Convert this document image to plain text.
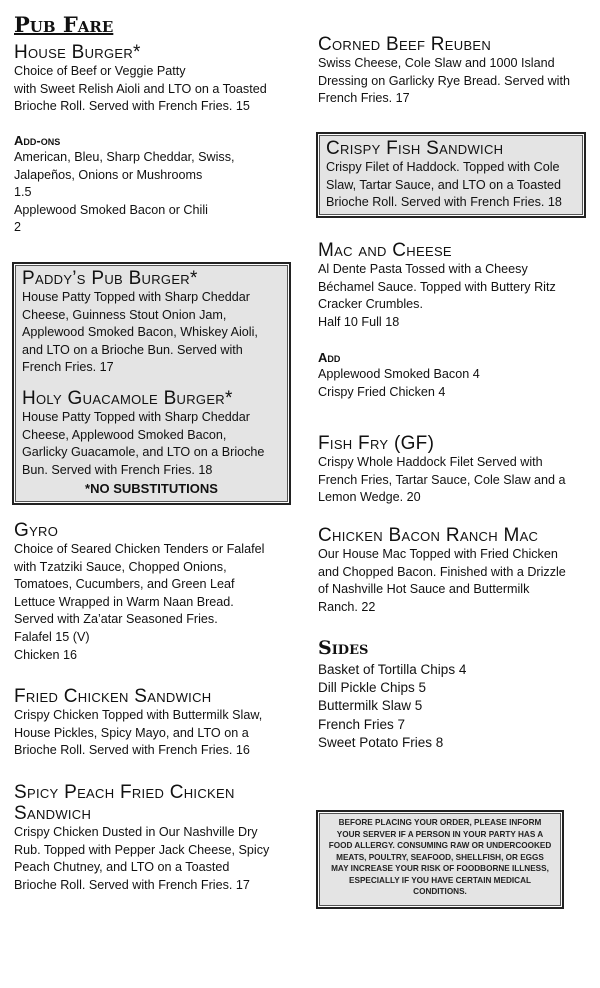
Pub Fare
House Burger*
Choice of Beef or Veggie Patty
with Sweet Relish Aioli and LTO on a Toasted
Brioche Roll. Served with French Fries. 15
Add-ons
American, Bleu, Sharp Cheddar, Swiss,
Jalapeños, Onions or Mushrooms
1.5
Applewood Smoked Bacon or Chili
2
Paddy’s Pub Burger*
House Patty Topped with Sharp Cheddar
Cheese, Guinness Stout Onion Jam,
Applewood Smoked Bacon, Whiskey Aioli,
and LTO on a Brioche Bun. Served with
French Fries. 17
Holy Guacamole Burger*
House Patty Topped with Sharp Cheddar
Cheese, Applewood Smoked Bacon,
Garlicky Guacamole, and LTO on a Brioche
Bun. Served with French Fries. 18
*NO SUBSTITUTIONS
Gyro
Choice of Seared Chicken Tenders or Falafel
with Tzatziki Sauce, Chopped Onions,
Tomatoes, Cucumbers, and Green Leaf
Lettuce Wrapped in Warm Naan Bread.
Served with Za’atar Seasoned Fries.
Falafel 15 (V)
Chicken 16
Fried Chicken Sandwich
Crispy Chicken Topped with Buttermilk Slaw,
House Pickles, Spicy Mayo, and LTO on a
Brioche Roll. Served with French Fries. 16
Spicy Peach Fried Chicken
Sandwich
Crispy Chicken Dusted in Our Nashville Dry
Rub. Topped with Pepper Jack Cheese, Spicy
Peach Chutney, and LTO on a Toasted
Brioche Roll. Served with French Fries. 17
Corned Beef Reuben
Swiss Cheese, Cole Slaw and 1000 Island
Dressing on Garlicky Rye Bread. Served with
French Fries. 17
Crispy Fish Sandwich
Crispy Filet of Haddock. Topped with Cole
Slaw, Tartar Sauce, and LTO on a Toasted
Brioche Roll. Served with French Fries. 18
Mac and Cheese
Al Dente Pasta Tossed with a Cheesy
Béchamel Sauce. Topped with Buttery Ritz
Cracker Crumbles.
Half 10 Full 18
Add
Applewood Smoked Bacon 4
Crispy Fried Chicken 4
Fish Fry (GF)
Crispy Whole Haddock Filet Served with
French Fries, Tartar Sauce, Cole Slaw and a
Lemon Wedge. 20
Chicken Bacon Ranch Mac
Our House Mac Topped with Fried Chicken
and Chopped Bacon. Finished with a Drizzle
of Nashville Hot Sauce and Buttermilk
Ranch. 22
Sides
Basket of Tortilla Chips 4
Dill Pickle Chips 5
Buttermilk Slaw 5
French Fries 7
Sweet Potato Fries 8
BEFORE PLACING YOUR ORDER, PLEASE INFORM YOUR SERVER IF A PERSON IN YOUR PARTY HAS A FOOD ALLERGY. CONSUMING RAW OR UNDERCOOKED MEATS, POULTRY, SEAFOOD, SHELLFISH, OR EGGS MAY INCREASE YOUR RISK OF FOODBORNE ILLNESS, ESPECIALLY IF YOU HAVE CERTAIN MEDICAL CONDITIONS.
